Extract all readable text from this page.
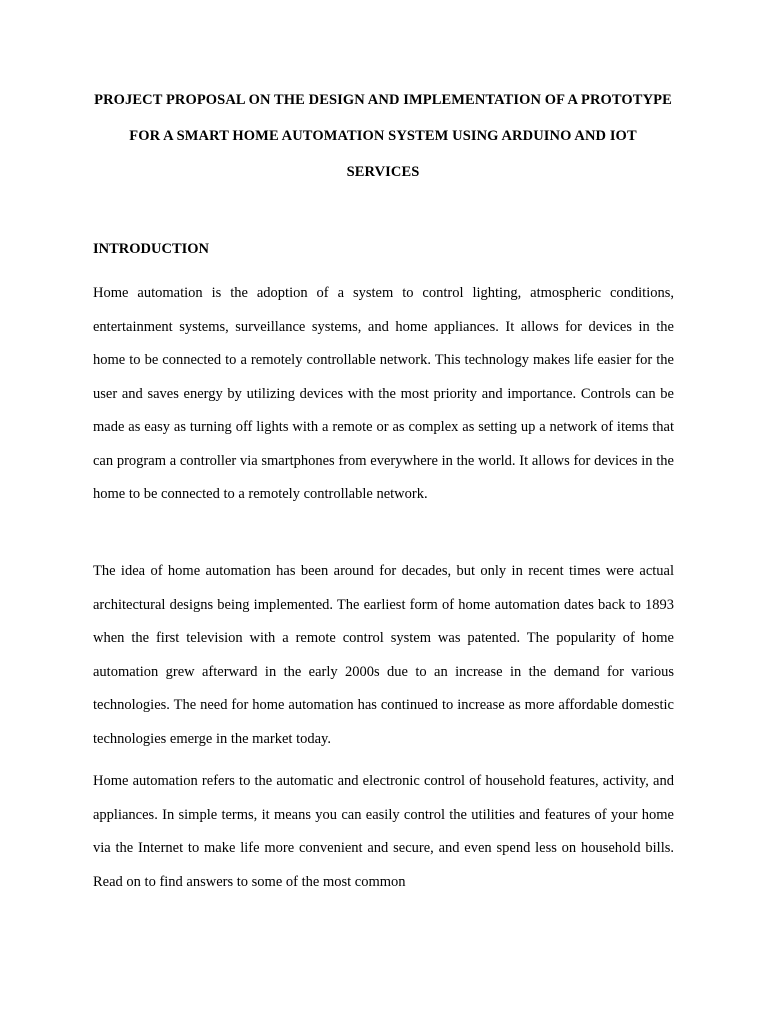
PROJECT PROPOSAL ON THE DESIGN AND IMPLEMENTATION OF A PROTOTYPE FOR A SMART HOME AUTOMATION SYSTEM USING ARDUINO AND IOT SERVICES

INTRODUCTION

Home automation is the adoption of a system to control lighting, atmospheric conditions, entertainment systems, surveillance systems, and home appliances. It allows for devices in the home to be connected to a remotely controllable network. This technology makes life easier for the user and saves energy by utilizing devices with the most priority and importance. Controls can be made as easy as turning off lights with a remote or as complex as setting up a network of items that can program a controller via smartphones from everywhere in the world. It allows for devices in the home to be connected to a remotely controllable network.

The idea of home automation has been around for decades, but only in recent times were actual architectural designs being implemented. The earliest form of home automation dates back to 1893 when the first television with a remote control system was patented. The popularity of home automation grew afterward in the early 2000s due to an increase in the demand for various technologies. The need for home automation has continued to increase as more affordable domestic technologies emerge in the market today.

Home automation refers to the automatic and electronic control of household features, activity, and appliances. In simple terms, it means you can easily control the utilities and features of your home via the Internet to make life more convenient and secure, and even spend less on household bills. Read on to find answers to some of the most common
